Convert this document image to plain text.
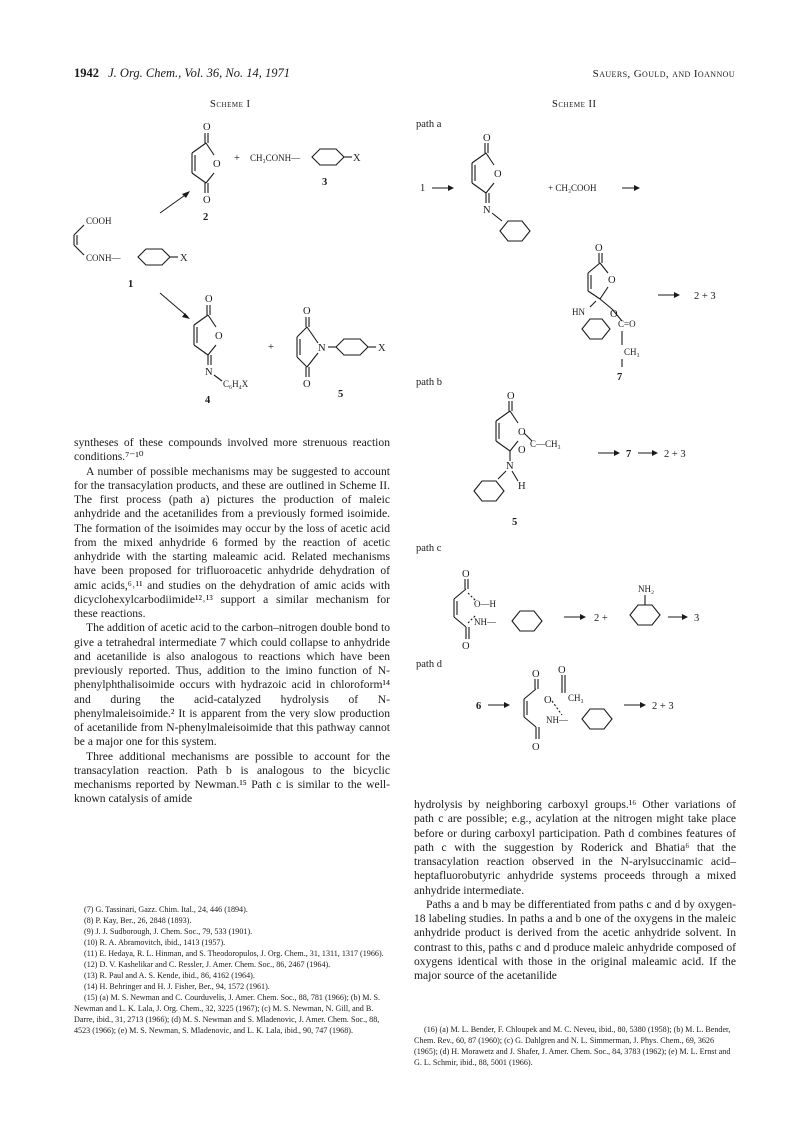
1942 J. Org. Chem., Vol. 36, No. 14, 1971	Sauers, Gould, and Ioannou
Scheme I
O
O
O
2
+ CH₃CONH—	X
3
COOH
CONH—	X
1
O
O
N
C₆H₄X
4
+
O
N
O
X
5
Scheme II
path a
1
O
O
N
+ CH₃COOH
O
O
O
HN
C=O
CH₃
7
2 + 3
path b
O
O
O
C—CH₃
N
H
5
7	2 + 3
path c
O
O—H
NH—
O
NH₂
2 +	3
path d
6
O O
O CH₃
NH—
O
2 + 3

syntheses of these compounds involved more strenuous reaction conditions.⁷⁻¹⁰

A number of possible mechanisms may be suggested to account for the transacylation products, and these are outlined in Scheme II. The first process (path a) pictures the production of maleic anhydride and the acetanilides from a previously formed isoimide. The formation of the isoimides may occur by the loss of acetic acid from the mixed anhydride 6 formed by the reaction of acetic anhydride with the starting maleamic acid. Related mechanisms have been proposed for trifluoroacetic anhydride dehydration of amic acids,⁶˒¹¹ and studies on the dehydration of amic acids with dicyclohexylcarbodiimide¹²˒¹³ support a similar mechanism for these reactions.

The addition of acetic acid to the carbon–nitrogen double bond to give a tetrahedral intermediate 7 which could collapse to anhydride and acetanilide is also analogous to reactions which have been previously reported. Thus, addition to the imino function of N-phenylphthalisoimide occurs with hydrazoic acid in chloroform¹⁴ and during the acid-catalyzed hydrolysis of N-phenylmaleisoimide.² It is apparent from the very slow production of acetanilide from N-phenylmaleisoimide that this pathway cannot be a major one for this system.

Three additional mechanisms are possible to account for the transacylation reaction. Path b is analogous to the bicyclic mechanisms reported by Newman.¹⁵ Path c is similar to the well-known catalysis of amide	hydrolysis by neighboring carboxyl groups.¹⁶ Other variations of path c are possible; e.g., acylation at the nitrogen might take place before or during carboxyl participation. Path d combines features of path c with the suggestion by Roderick and Bhatia⁶ that the transacylation reaction observed in the N-arylsuccinamic acid–heptafluorobutyric anhydride systems proceeds through a mixed anhydride intermediate.

Paths a and b may be differentiated from paths c and d by oxygen-18 labeling studies. In paths a and b one of the oxygens in the maleic anhydride product is derived from the acetic anhydride solvent. In contrast to this, paths c and d produce maleic anhydride composed of oxygens identical with those in the original maleamic acid. If the major source of the acetanilide

(7) G. Tassinari, Gazz. Chim. Ital., 24, 446 (1894).

(8) P. Kay, Ber., 26, 2848 (1893).

(9) J. J. Sudborough, J. Chem. Soc., 79, 533 (1901).

(10) R. A. Abramovitch, ibid., 1413 (1957).

(11) E. Hedaya, R. L. Hinman, and S. Theodoropulos, J. Org. Chem., 31, 1311, 1317 (1966).

(12) D. V. Kashelikar and C. Ressler, J. Amer. Chem. Soc., 86, 2467 (1964).

(13) R. Paul and A. S. Kende, ibid., 86, 4162 (1964).

(14) H. Behringer and H. J. Fisher, Ber., 94, 1572 (1961).

(15) (a) M. S. Newman and C. Courduvelis, J. Amer. Chem. Soc., 88, 781 (1966); (b) M. S. Newman and L. K. Lala, J. Org. Chem., 32, 3225 (1967); (c) M. S. Newman, N. Gill, and B. Darre, ibid., 31, 2713 (1966); (d) M. S. Newman and S. Mladenovic, J. Amer. Chem. Soc., 88, 4523 (1966); (e) M. S. Newman, S. Mladenovic, and L. K. Lala, ibid., 90, 747 (1968).	(16) (a) M. L. Bender, F. Chloupek and M. C. Neveu, ibid., 80, 5380 (1958); (b) M. L. Bender, Chem. Rev., 60, 87 (1960); (c) G. Dahlgren and N. L. Simmerman, J. Phys. Chem., 69, 3626 (1965); (d) H. Morawetz and J. Shafer, J. Amer. Chem. Soc., 84, 3783 (1962); (e) M. L. Ernst and G. L. Schmir, ibid., 88, 5001 (1966).
